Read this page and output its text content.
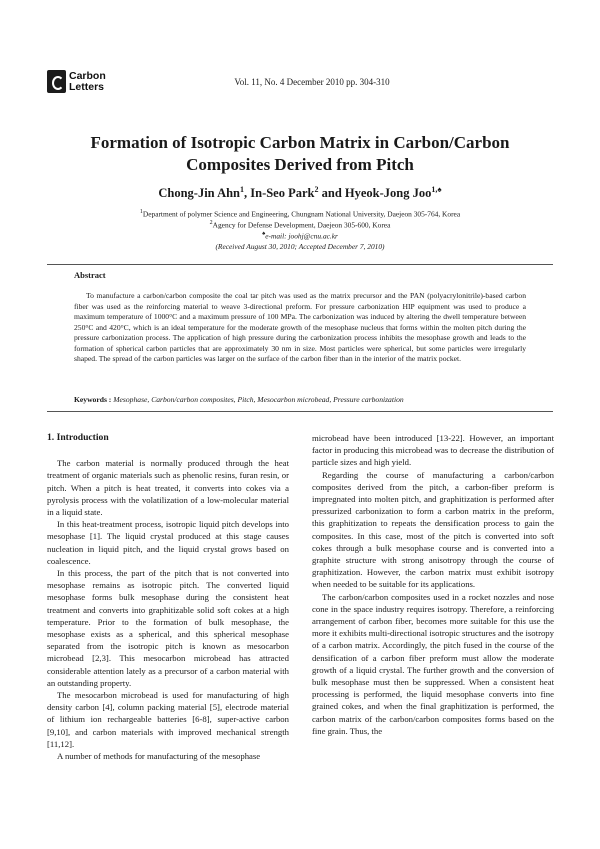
Carbon
Letters	Vol. 11, No. 4 December 2010 pp. 304-310
Formation of Isotropic Carbon Matrix in Carbon/Carbon Composites Derived from Pitch
Chong-Jin Ahn$^1$, In-Seo Park$^2$ and Hyeok-Jong Joo$^{1,♠}$
$^1$Department of polymer Science and Engineering, Chungnam National University, Daejeon 305-764, Korea
$^2$Agency for Defense Development, Daejeon 305-600, Korea
♠e-mail: joohj@cnu.ac.kr
(Received August 30, 2010; Accepted December 7, 2010)
Abstract
To manufacture a carbon/carbon composite the coal tar pitch was used as the matrix precursor and the PAN (polyacrylonitrile)-based carbon fiber was used as the reinforcing material to weave 3-directional preform. For pressure carbonization HIP equipment was used to produce a maximum temperature of 1000°C and a maximum pressure of 100 MPa. The carbonization was induced by altering the dwell temperature between 250°C and 420°C, which is an ideal temperature for the moderate growth of the mesophase nucleus that forms within the molten pitch during the pressure carbonization process. The application of high pressure during the carbonization process inhibits the mesophase growth and leads to the formation of spherical carbon particles that are approximately 30 nm in size. Most particles were spherical, but some particles were irregularly shaped. The spread of the carbon particles was larger on the surface of the carbon fiber than in the interior of the matrix pocket.
Keywords : Mesophase, Carbon/carbon composites, Pitch, Mesocarbon microbead, Pressure carbonization
1. Introduction

The carbon material is normally produced through the heat treatment of organic materials such as phenolic resins, furan resin, or pitch. When a pitch is heat treated, it converts into cokes via a pyrolysis process with the volatilization of a low-molecular material in a liquid state.

In this heat-treatment process, isotropic liquid pitch develops into mesophase [1]. The liquid crystal produced at this stage causes nucleation in liquid pitch, and the liquid crystal grows based on coalescence.

In this process, the part of the pitch that is not converted into mesophase remains as isotropic pitch. The converted liquid mesophase forms bulk mesophase during the consistent heat treatment and converts into graphitizable solid soft cokes at a high temperature. Prior to the formation of bulk mesophase, the mesophase exists as a spherical, and this spherical mesophase separated from the isotropic pitch is known as mesocarbon microbead [2,3]. This mesocarbon microbead has attracted considerable attention lately as a precursor of a carbon material with an outstanding property.

The mesocarbon microbead is used for manufacturing of high density carbon [4], column packing material [5], electrode material of lithium ion rechargeable batteries [6-8], super-active carbon [9,10], and carbon materials with improved mechanical strength [11,12].

A number of methods for manufacturing of the mesophase

microbead have been introduced [13-22]. However, an important factor in producing this microbead was to decrease the distribution of particle sizes and high yield.

Regarding the course of manufacturing a carbon/carbon composites derived from the pitch, a carbon-fiber preform is impregnated into molten pitch, and graphitization is performed after pressurized carbonization to form a carbon matrix in the preform, this graphitization to repeats the densification process to gain the composites. In this case, most of the pitch is converted into soft cokes through a bulk mesophase course and is converted into a graphite structure with strong anisotropy through the course of graphitization. However, the carbon matrix must exhibit isotropy when needed to be suitable for its applications.

The carbon/carbon composites used in a rocket nozzles and nose cone in the space industry requires isotropy. Therefore, a reinforcing arrangement of carbon fiber, becomes more suitable for this use the more it exhibits multi-directional isotropic structures and the isotropy of a carbon matrix. Accordingly, the pitch fused in the course of the densification of a carbon fiber preform must allow the moderate growth of a liquid crystal. The further growth and the conversion of bulk mesophase must then be suppressed. When a consistent heat processing is performed, the liquid mesophase converts into fine grained cokes, and when the final graphitization is performed, the carbon matrix of the carbon/carbon composites forms based on the fine grain. Thus, the
